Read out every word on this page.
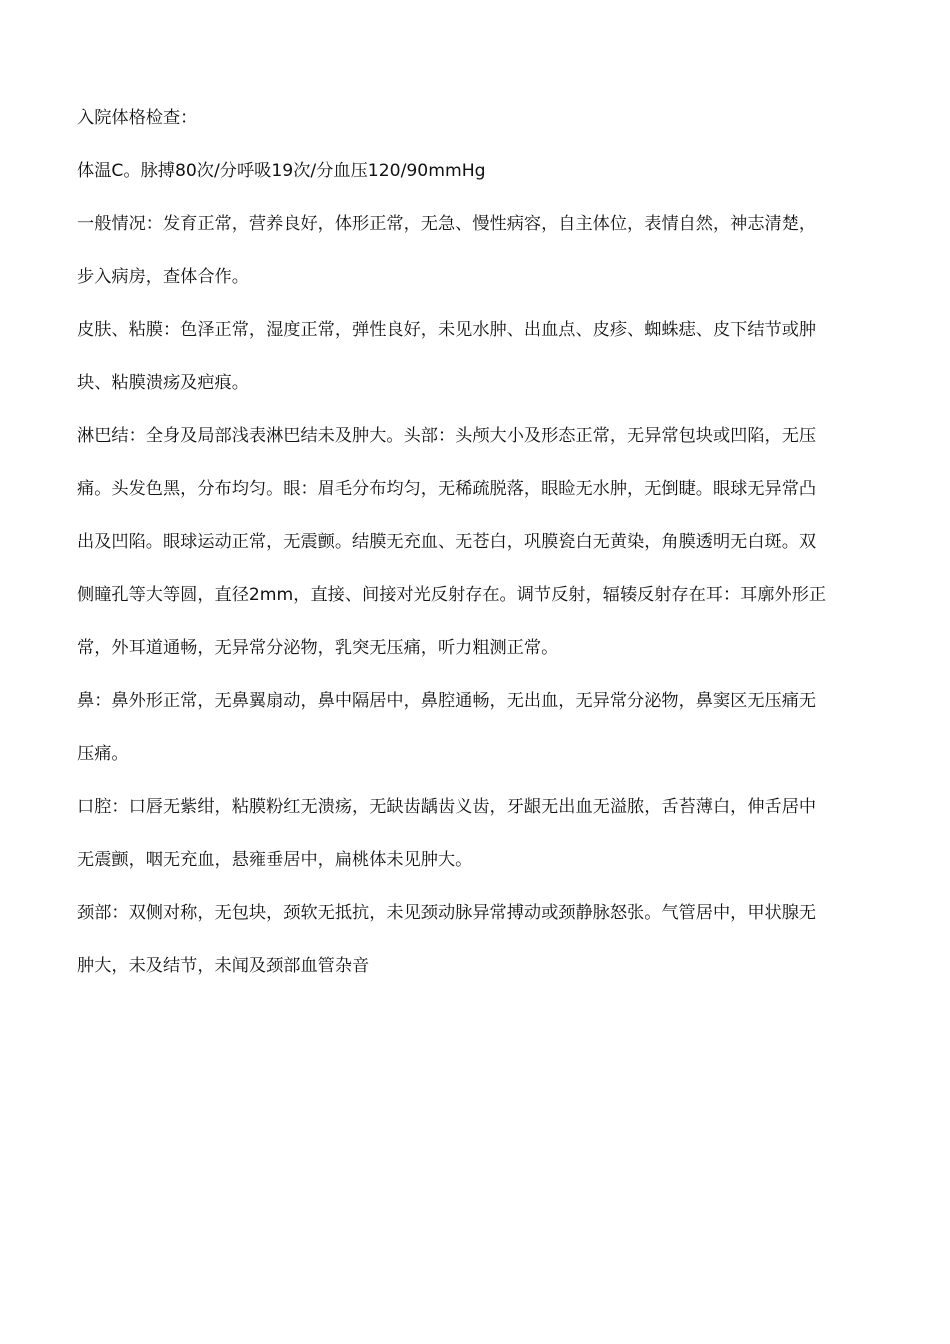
入院体格检查：
体温C。脉搏80次/分呼吸19次/分血压120/90mmHg
一般情况：发育正常，营养良好，体形正常，无急、慢性病容，自主体位，表情自然，神志清楚，
步入病房，查体合作。
皮肤、粘膜：色泽正常，湿度正常，弹性良好，未见水肿、出血点、皮疹、蜘蛛痣、皮下结节或肿
块、粘膜溃疡及疤痕。
淋巴结：全身及局部浅表淋巴结未及肿大。头部：头颅大小及形态正常，无异常包块或凹陷，无压
痛。头发色黑，分布均匀。眼：眉毛分布均匀，无稀疏脱落，眼睑无水肿，无倒睫。眼球无异常凸
出及凹陷。眼球运动正常，无震颤。结膜无充血、无苍白，巩膜瓷白无黄染，角膜透明无白斑。双
侧瞳孔等大等圆，直径2mm，直接、间接对光反射存在。调节反射，辐辏反射存在耳：耳廓外形正
常，外耳道通畅，无异常分泌物，乳突无压痛，听力粗测正常。
鼻：鼻外形正常，无鼻翼扇动，鼻中隔居中，鼻腔通畅，无出血，无异常分泌物，鼻窦区无压痛无
压痛。
口腔：口唇无紫绀，粘膜粉红无溃疡，无缺齿龋齿义齿，牙龈无出血无溢脓，舌苔薄白，伸舌居中
无震颤，咽无充血，悬雍垂居中，扁桃体未见肿大。
颈部：双侧对称，无包块，颈软无抵抗，未见颈动脉异常搏动或颈静脉怒张。气管居中，甲状腺无
肿大，未及结节，未闻及颈部血管杂音
